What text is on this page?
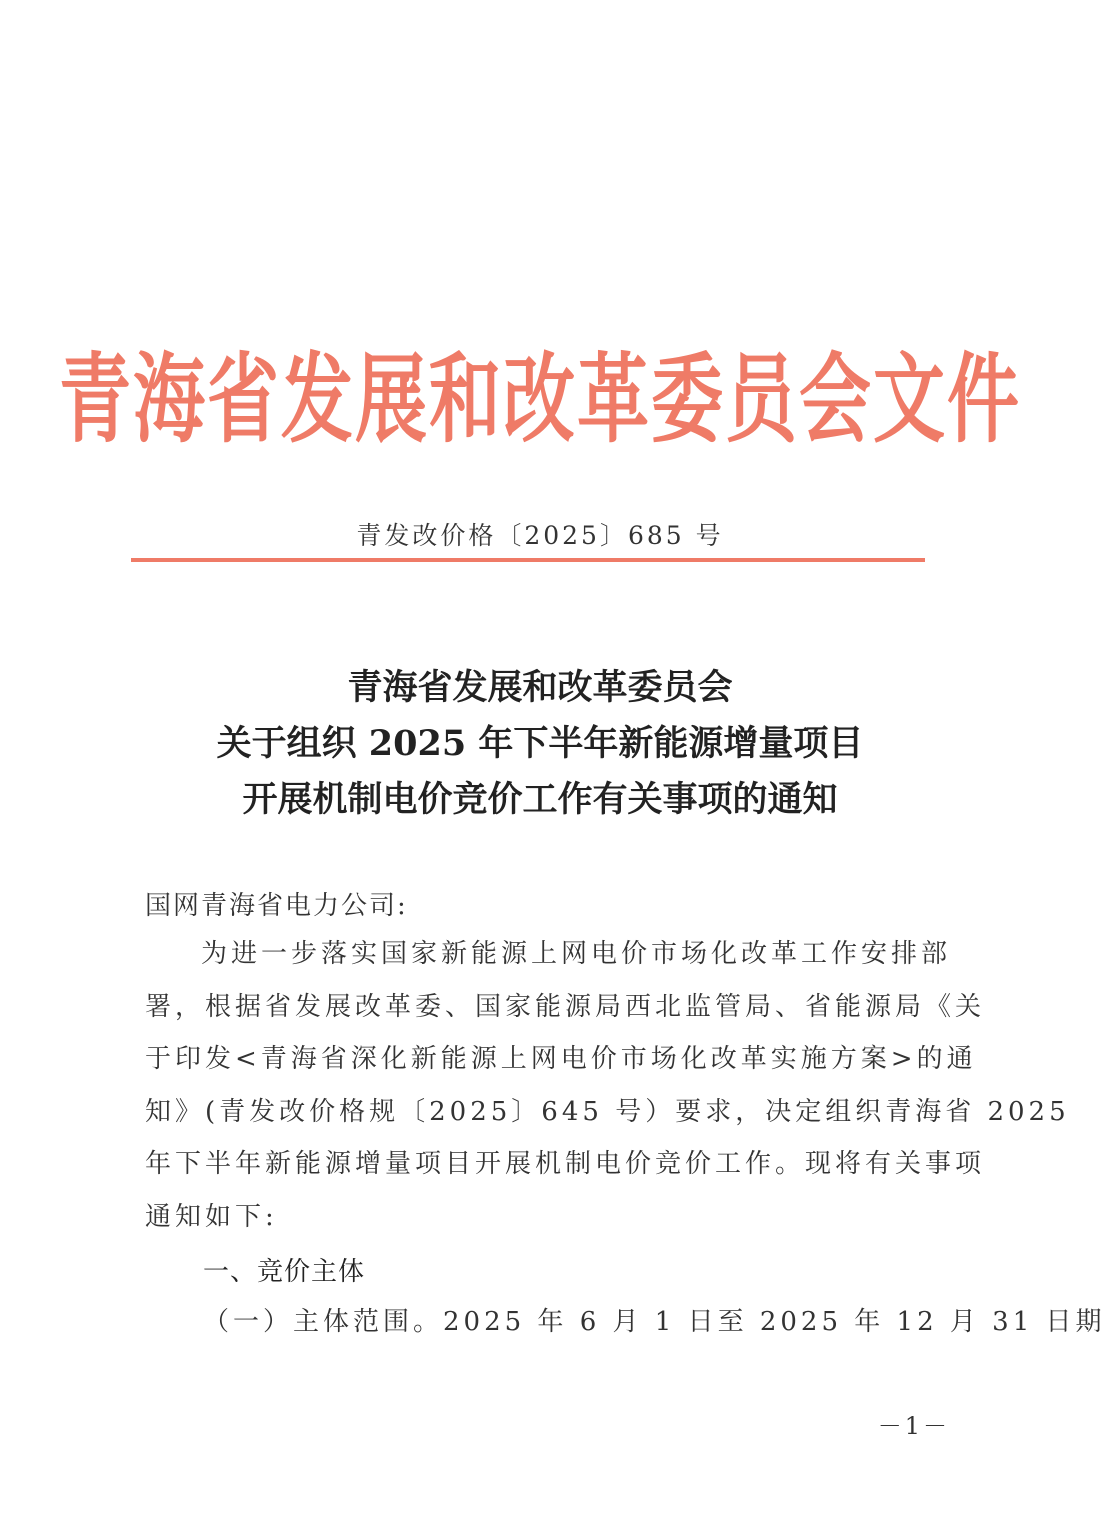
青海省发展和改革委员会文件
青发改价格〔2025〕685 号
青海省发展和改革委员会
关于组织 2025 年下半年新能源增量项目
开展机制电价竞价工作有关事项的通知
国网青海省电力公司:
为进一步落实国家新能源上网电价市场化改革工作安排部
署，根据省发展改革委、国家能源局西北监管局、省能源局《关
于印发<青海省深化新能源上网电价市场化改革实施方案>的通
知》(青发改价格规〔2025〕645 号）要求，决定组织青海省 2025
年下半年新能源增量项目开展机制电价竞价工作。现将有关事项
通知如下:
一、竞价主体
（一）主体范围。2025 年 6 月 1 日至 2025 年 12 月 31 日期
－1－
